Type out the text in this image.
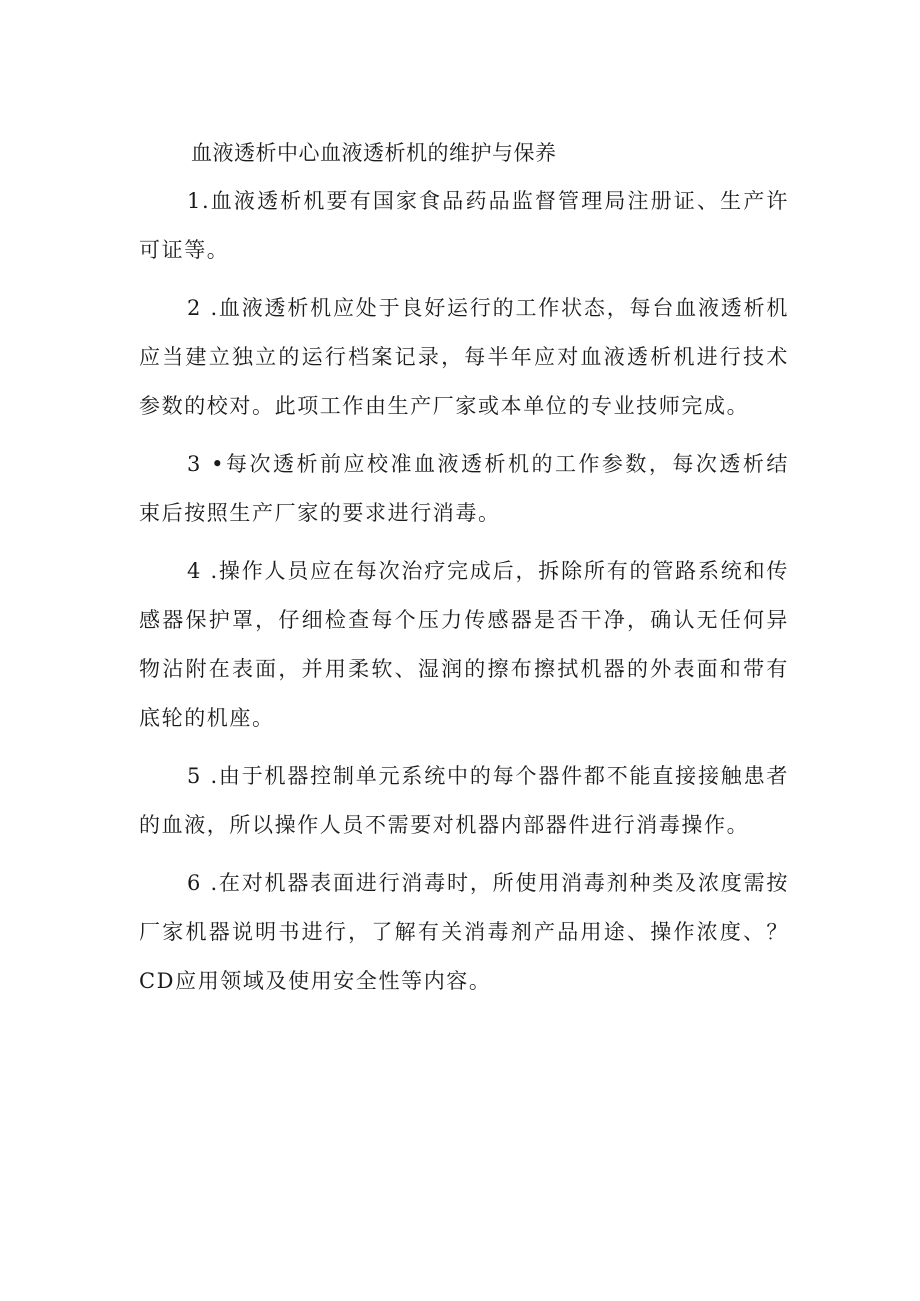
血液透析中心血液透析机的维护与保养

1.血液透析机要有国家食品药品监督管理局注册证、生产许可证等。

2 .血液透析机应处于良好运行的工作状态，每台血液透析机应当建立独立的运行档案记录，每半年应对血液透析机进行技术参数的校对。此项工作由生产厂家或本单位的专业技师完成。

3 •每次透析前应校准血液透析机的工作参数，每次透析结束后按照生产厂家的要求进行消毒。

4 .操作人员应在每次治疗完成后，拆除所有的管路系统和传感器保护罩，仔细检查每个压力传感器是否干净，确认无任何异物沾附在表面，并用柔软、湿润的擦布擦拭机器的外表面和带有底轮的机座。

5 .由于机器控制单元系统中的每个器件都不能直接接触患者的血液，所以操作人员不需要对机器内部器件进行消毒操作。

6 .在对机器表面进行消毒时，所使用消毒剂种类及浓度需按厂家机器说明书进行，了解有关消毒剂产品用途、操作浓度、？CD应用领域及使用安全性等内容。
